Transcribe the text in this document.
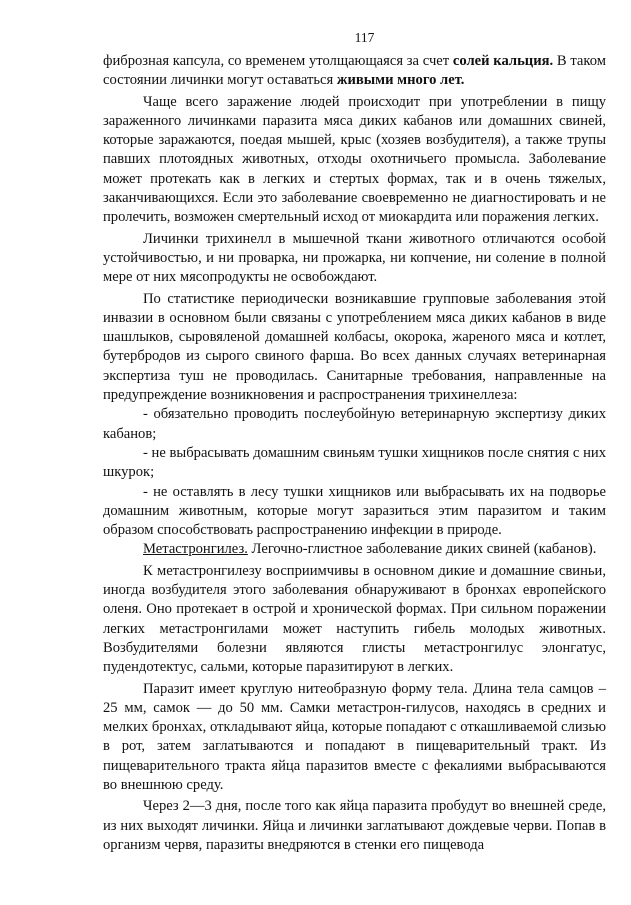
117

фиброзная капсула, со временем утолщающаяся за счет солей кальция. В таком состоянии личинки могут оставаться живыми много лет.

Чаще всего заражение людей происходит при употреблении в пищу зараженного личинками паразита мяса диких кабанов или домашних свиней, которые заражаются, поедая мышей, крыс (хозяев возбудителя), а также трупы павших плотоядных животных, отходы охотничьего промысла. Заболевание может протекать как в легких и стертых формах, так и в очень тяжелых, заканчивающихся. Если это заболевание своевременно не диагностировать и не пролечить, возможен смертельный исход от миокардита или поражения легких.

Личинки трихинелл в мышечной ткани животного отличаются особой устойчивостью, и ни проварка, ни прожарка, ни копчение, ни соление в полной мере от них мясопродукты не освобождают.

По статистике периодически возникавшие групповые заболевания этой инвазии в основном были связаны с употреблением мяса диких кабанов в виде шашлыков, сыровяленой домашней колбасы, окорока, жареного мяса и котлет, бутербродов из сырого свиного фарша. Во всех данных случаях ветеринарная экспертиза туш не проводилась. Санитарные требования, направленные на предупреждение возникновения и распространения трихинеллеза:

- обязательно проводить послеубойную ветеринарную экспертизу диких кабанов;

- не выбрасывать домашним свиньям тушки хищников после снятия с них шкурок;

- не оставлять в лесу тушки хищников или выбрасывать их на подворье домашним животным, которые могут заразиться этим паразитом и таким образом способствовать распространению инфекции в природе.

Метастронгилез. Легочно-глистное заболевание диких свиней (кабанов).

К метастронгилезу восприимчивы в основном дикие и домашние свиньи, иногда возбудителя этого заболевания обнаруживают в бронхах европейского оленя. Оно протекает в острой и хронической формах. При сильном поражении легких метастронгилами может наступить гибель молодых животных. Возбудителями болезни являются глисты метастронгилус элонгатус, пудендотектус, сальми, которые паразитируют в легких.

Паразит имеет круглую нитеобразную форму тела. Длина тела самцов – 25 мм, самок — до 50 мм. Самки метастрон-гилусов, находясь в средних и мелких бронхах, откладывают яйца, которые попадают с откашливаемой слизью в рот, затем заглатываются и попадают в пищеварительный тракт. Из пищеварительного тракта яйца паразитов вместе с фекалиями выбрасываются во внешнюю среду.

Через 2—3 дня, после того как яйца паразита пробудут во внешней среде, из них выходят личинки. Яйца и личинки заглатывают дождевые черви. Попав в организм червя, паразиты внедряются в стенки его пищевода
